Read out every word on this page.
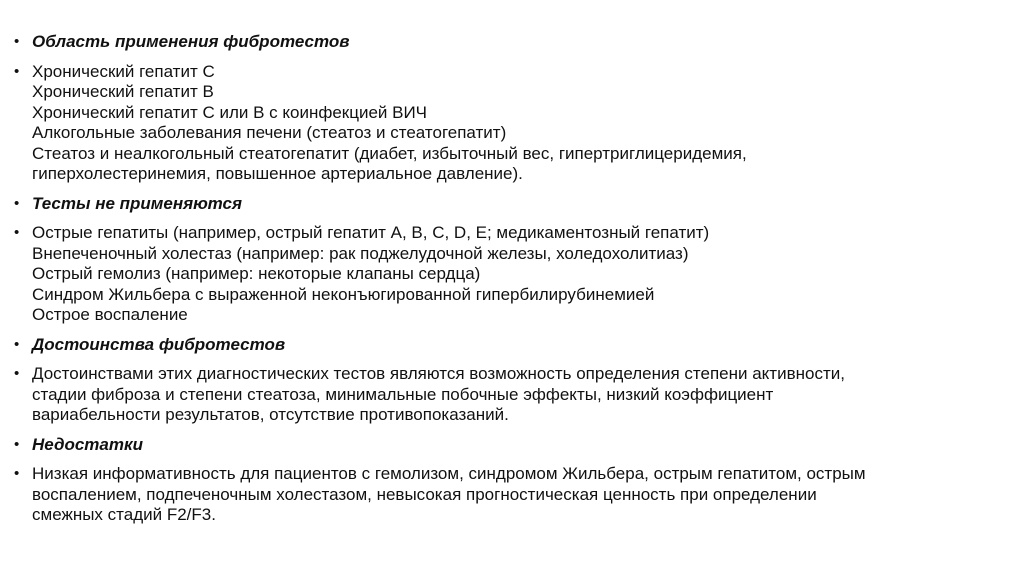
• Область применения фибротестов
• Хронический гепатит С
Хронический гепатит В
Хронический гепатит С или В с коинфекцией ВИЧ
Алкогольные заболевания печени (стеатоз и стеатогепатит)
Стеатоз и неалкогольный стеатогепатит (диабет, избыточный вес, гипертриглицеридемия,
гиперхолестеринемия, повышенное артериальное давление).
• Тесты не применяются
• Острые гепатиты (например, острый гепатит А, В, С, D, Е; медикаментозный гепатит)
Внепеченочный холестаз (например: рак поджелудочной железы, холедохолитиаз)
Острый гемолиз (например: некоторые клапаны сердца)
Синдром Жильбера с выраженной неконъюгированной гипербилирубинемией
Острое воспаление
• Достоинства фибротестов
• Достоинствами этих диагностических тестов являются возможность определения степени активности,
стадии фиброза и степени стеатоза, минимальные побочные эффекты, низкий коэффициент
вариабельности результатов, отсутствие противопоказаний.
• Недостатки
• Низкая информативность для пациентов с гемолизом, синдромом Жильбера, острым гепатитом, острым
воспалением, подпеченочным холестазом, невысокая прогностическая ценность при определении
смежных стадий F2/F3.
